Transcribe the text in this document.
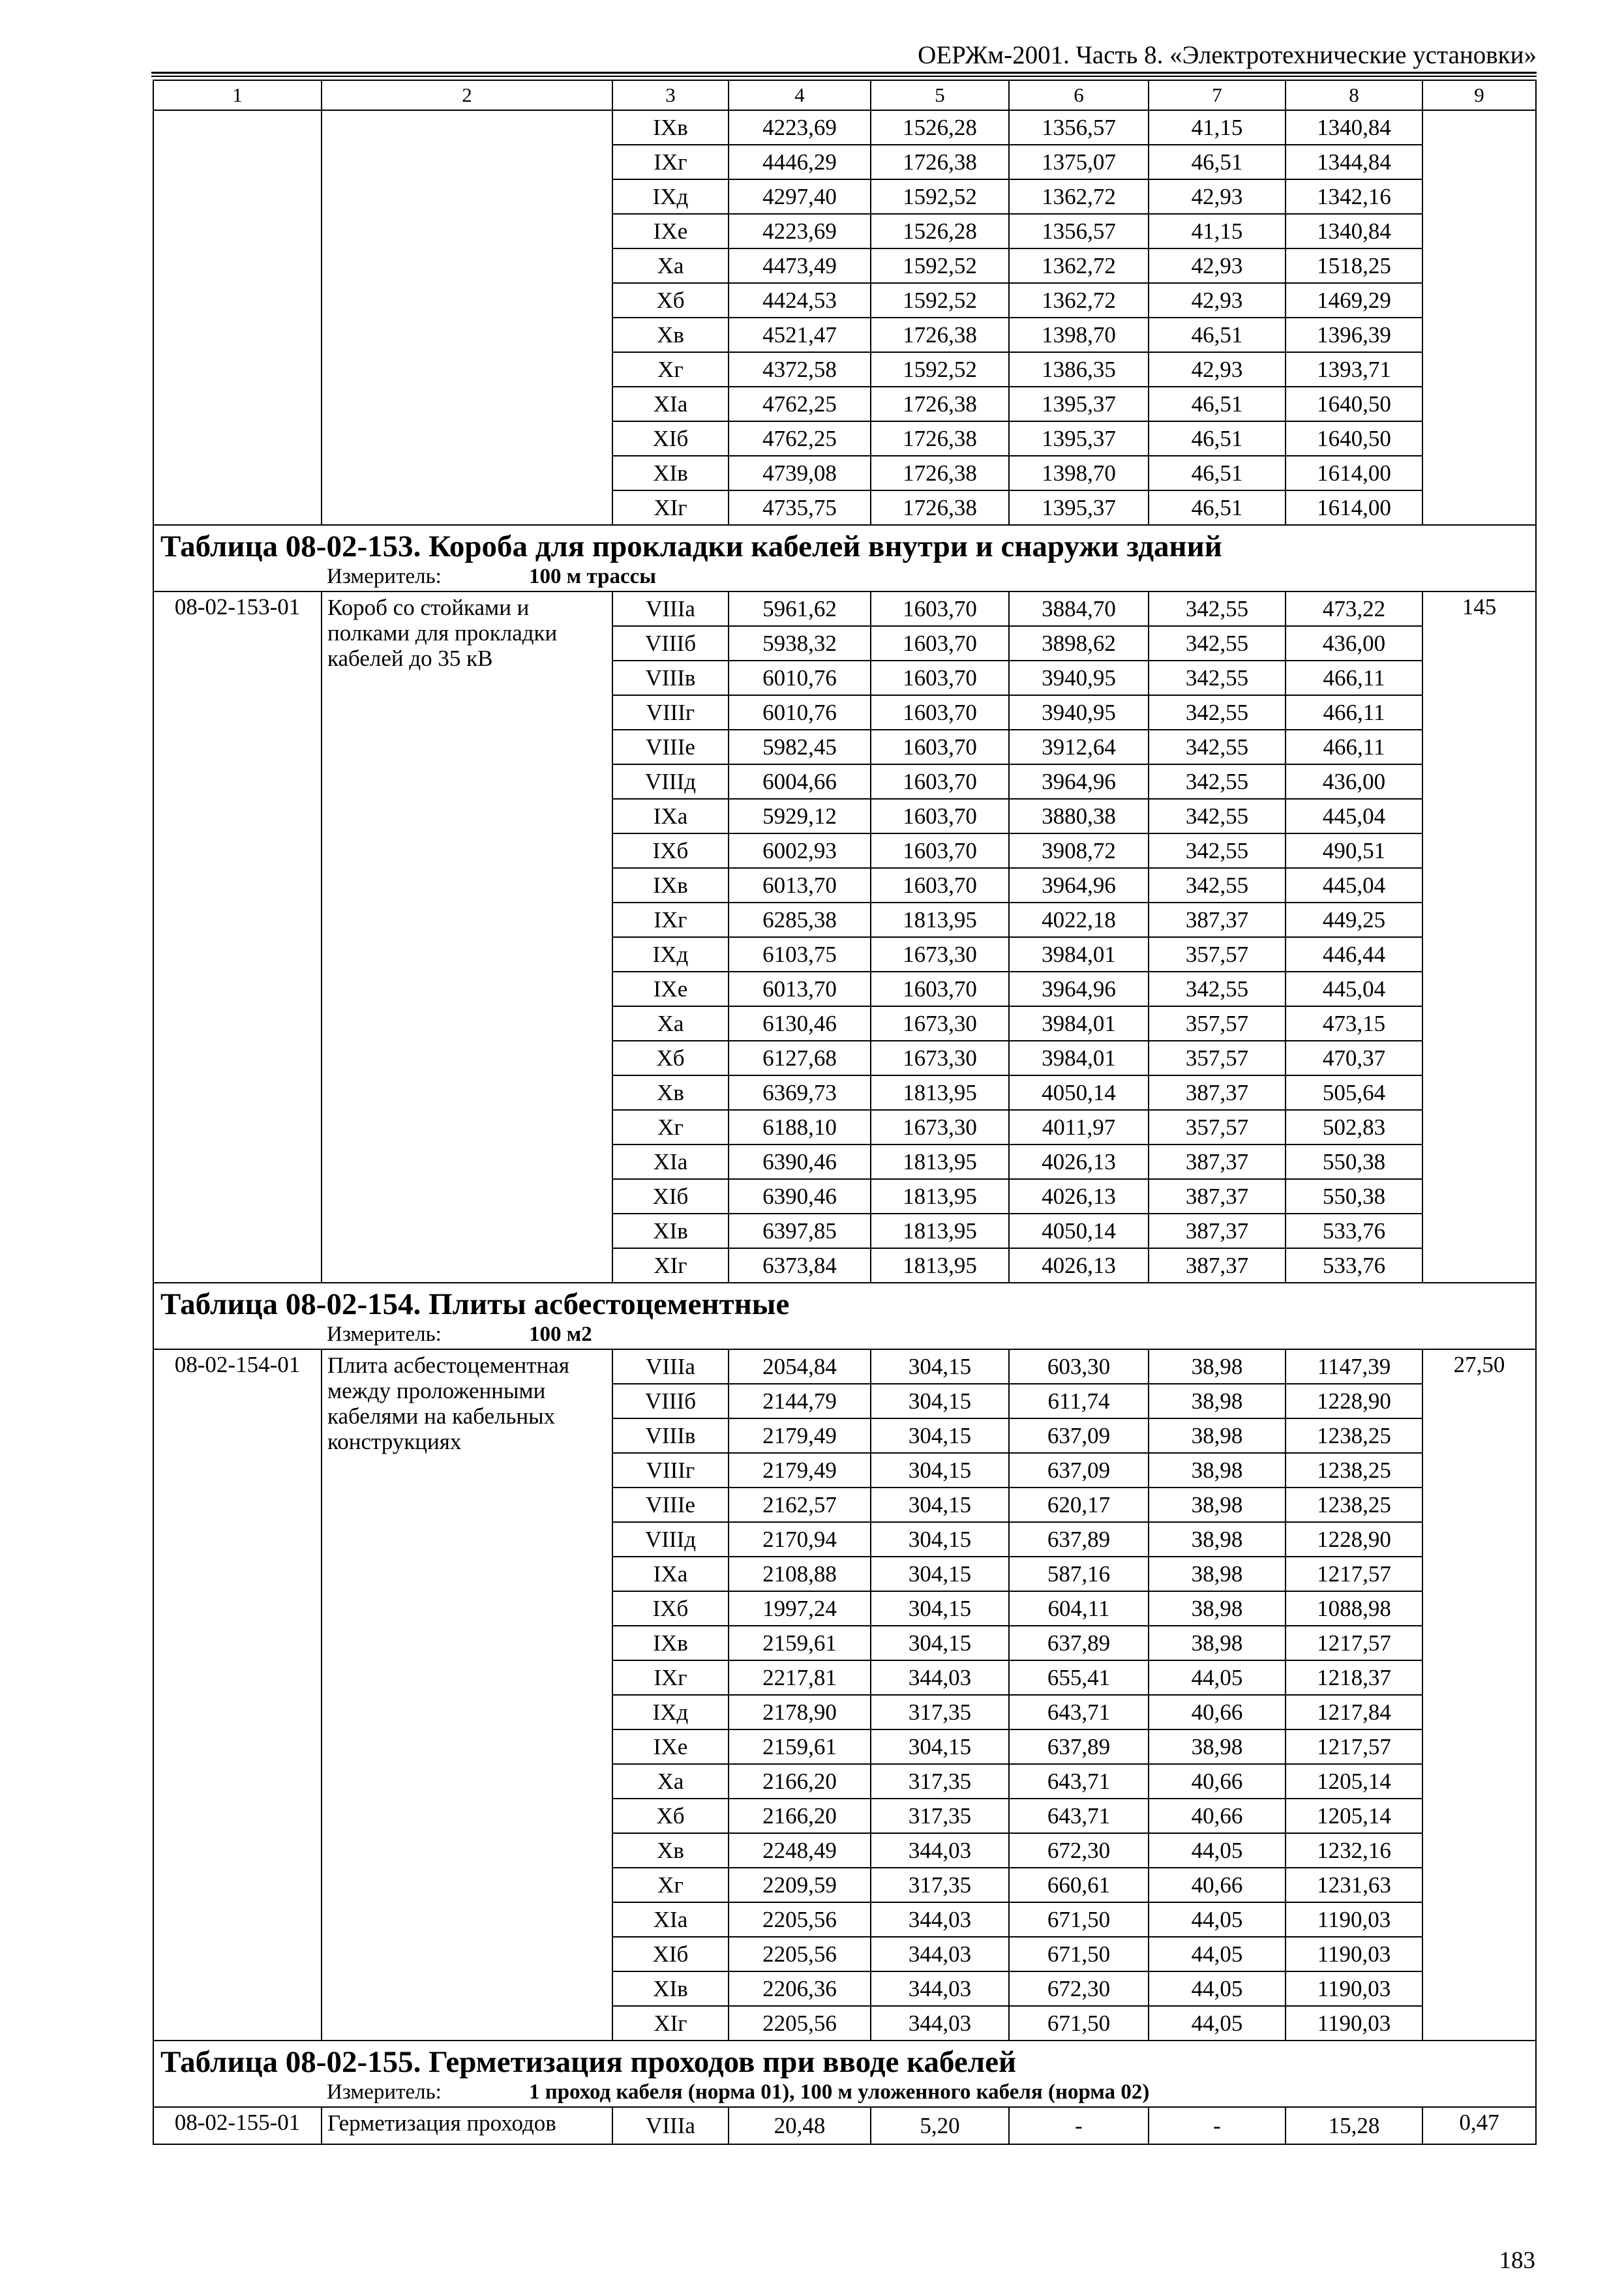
ОЕРЖм-2001. Часть 8. «Электротехнические установки»
1	2	3	4	5	6	7	8	9
		IXв	4223,69	1526,28	1356,57	41,15	1340,84	
		IXг	4446,29	1726,38	1375,07	46,51	1344,84	
		IXд	4297,40	1592,52	1362,72	42,93	1342,16	
		IXе	4223,69	1526,28	1356,57	41,15	1340,84	
		Xа	4473,49	1592,52	1362,72	42,93	1518,25	
		Xб	4424,53	1592,52	1362,72	42,93	1469,29	
		Xв	4521,47	1726,38	1398,70	46,51	1396,39	
		Xг	4372,58	1592,52	1386,35	42,93	1393,71	
		XIа	4762,25	1726,38	1395,37	46,51	1640,50	
		XIб	4762,25	1726,38	1395,37	46,51	1640,50	
		XIв	4739,08	1726,38	1398,70	46,51	1614,00	
		XIг	4735,75	1726,38	1395,37	46,51	1614,00	
Таблица 08-02-153. Короба для прокладки кабелей внутри и снаружи зданий								
Измеритель: 100 м трассы								
08-02-153-01	Короб со стойками и полками для прокладки кабелей до 35 кВ	VIIIа	5961,62	1603,70	3884,70	342,55	473,22	145
		VIIIб	5938,32	1603,70	3898,62	342,55	436,00	
		VIIIв	6010,76	1603,70	3940,95	342,55	466,11	
		VIIIг	6010,76	1603,70	3940,95	342,55	466,11	
		VIIIе	5982,45	1603,70	3912,64	342,55	466,11	
		VIIIд	6004,66	1603,70	3964,96	342,55	436,00	
		IXа	5929,12	1603,70	3880,38	342,55	445,04	
		IXб	6002,93	1603,70	3908,72	342,55	490,51	
		IXв	6013,70	1603,70	3964,96	342,55	445,04	
		IXг	6285,38	1813,95	4022,18	387,37	449,25	
		IXд	6103,75	1673,30	3984,01	357,57	446,44	
		IXе	6013,70	1603,70	3964,96	342,55	445,04	
		Xа	6130,46	1673,30	3984,01	357,57	473,15	
		Xб	6127,68	1673,30	3984,01	357,57	470,37	
		Xв	6369,73	1813,95	4050,14	387,37	505,64	
		Xг	6188,10	1673,30	4011,97	357,57	502,83	
		XIа	6390,46	1813,95	4026,13	387,37	550,38	
		XIб	6390,46	1813,95	4026,13	387,37	550,38	
		XIв	6397,85	1813,95	4050,14	387,37	533,76	
		XIг	6373,84	1813,95	4026,13	387,37	533,76	
Таблица 08-02-154. Плиты асбестоцементные								
Измеритель: 100 м2								
08-02-154-01	Плита асбестоцементная между проложенными кабелями на кабельных конструкциях	VIIIа	2054,84	304,15	603,30	38,98	1147,39	27,50
		VIIIб	2144,79	304,15	611,74	38,98	1228,90	
		VIIIв	2179,49	304,15	637,09	38,98	1238,25	
		VIIIг	2179,49	304,15	637,09	38,98	1238,25	
		VIIIе	2162,57	304,15	620,17	38,98	1238,25	
		VIIIд	2170,94	304,15	637,89	38,98	1228,90	
		IXа	2108,88	304,15	587,16	38,98	1217,57	
		IXб	1997,24	304,15	604,11	38,98	1088,98	
		IXв	2159,61	304,15	637,89	38,98	1217,57	
		IXг	2217,81	344,03	655,41	44,05	1218,37	
		IXд	2178,90	317,35	643,71	40,66	1217,84	
		IXе	2159,61	304,15	637,89	38,98	1217,57	
		Xа	2166,20	317,35	643,71	40,66	1205,14	
		Xб	2166,20	317,35	643,71	40,66	1205,14	
		Xв	2248,49	344,03	672,30	44,05	1232,16	
		Xг	2209,59	317,35	660,61	40,66	1231,63	
		XIа	2205,56	344,03	671,50	44,05	1190,03	
		XIб	2205,56	344,03	671,50	44,05	1190,03	
		XIв	2206,36	344,03	672,30	44,05	1190,03	
		XIг	2205,56	344,03	671,50	44,05	1190,03	
Таблица 08-02-155. Герметизация проходов при вводе кабелей								
Измеритель: 1 проход кабеля (норма 01), 100 м уложенного кабеля (норма 02)								
08-02-155-01	Герметизация проходов	VIIIа	20,48	5,20	-	-	15,28	0,47
183
